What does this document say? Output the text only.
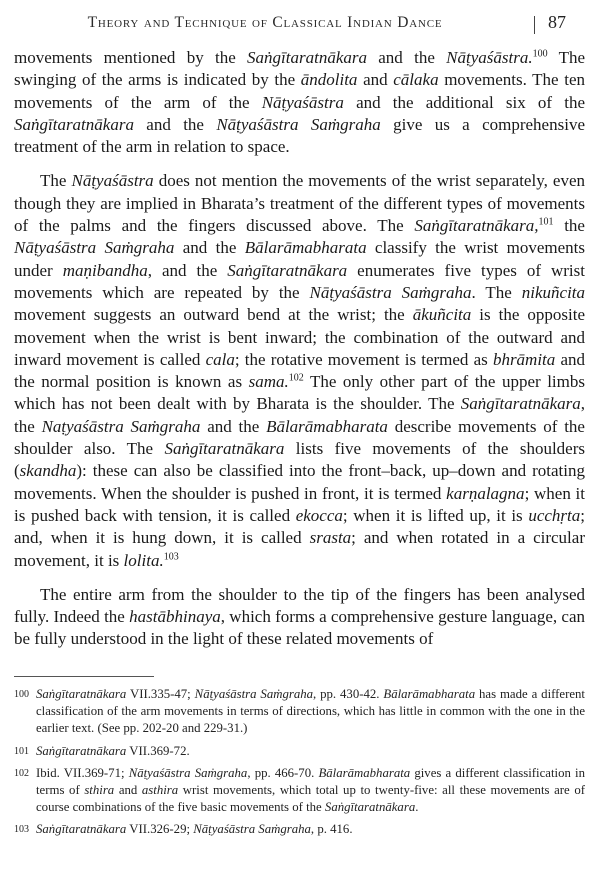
Theory and Technique of Classical Indian Dance	87

movements mentioned by the Saṅgītaratnākara and the Nāṭyaśāstra.$^{100}$ The swinging of the arms is indicated by the āndolita and cālaka movements. The ten movements of the arm of the Nāṭyaśāstra and the additional six of the Saṅgītaratnākara and the Nāṭyaśāstra Saṁgraha give us a comprehensive treatment of the arm in relation to space.

The Nāṭyaśāstra does not mention the movements of the wrist separately, even though they are implied in Bharata’s treatment of the different types of movements of the palms and the fingers discussed above. The Saṅgītaratnākara,$^{101}$ the Nāṭyaśāstra Saṁgraha and the Bālarāmabharata classify the wrist movements under maṇibandha, and the Saṅgītaratnākara enumerates five types of wrist movements which are repeated by the Nāṭyaśāstra Saṁgraha. The nikuñcita movement suggests an outward bend at the wrist; the ākuñcita is the opposite movement when the wrist is bent inward; the combination of the outward and inward movement is called cala; the rotative movement is termed as bhrāmita and the normal position is known as sama.$^{102}$ The only other part of the upper limbs which has not been dealt with by Bharata is the shoulder. The Saṅgītaratnākara, the Naṭyaśāstra Saṁgraha and the Bālarāmabharata describe movements of the shoulder also. The Saṅgītaratnākara lists five movements of the shoulders (skandha): these can also be classified into the front–back, up–down and rotating movements. When the shoulder is pushed in front, it is termed karṇalagna; when it is pushed back with tension, it is called ekocca; when it is lifted up, it is ucchṛta; and, when it is hung down, it is called srasta; and when rotated in a circular movement, it is lolita.$^{103}$

The entire arm from the shoulder to the tip of the fingers has been analysed fully. Indeed the hastābhinaya, which forms a comprehensive gesture language, can be fully understood in the light of these related movements of

100 Saṅgītaratnākara VII.335-47; Nāṭyaśāstra Saṁgraha, pp. 430-42. Bālarāmabharata has made a different classification of the arm movements in terms of directions, which has little in common with the one in the earlier text. (See pp. 202-20 and 229-31.)
101 Saṅgītaratnākara VII.369-72.
102 Ibid. VII.369-71; Nāṭyaśāstra Saṁgraha, pp. 466-70. Bālarāmabharata gives a different classification in terms of sthira and asthira wrist movements, which total up to twenty-five: all these movements are of course combinations of the five basic movements of the Saṅgītaratnākara.
103 Saṅgītaratnākara VII.326-29; Nāṭyaśāstra Saṁgraha, p. 416.
